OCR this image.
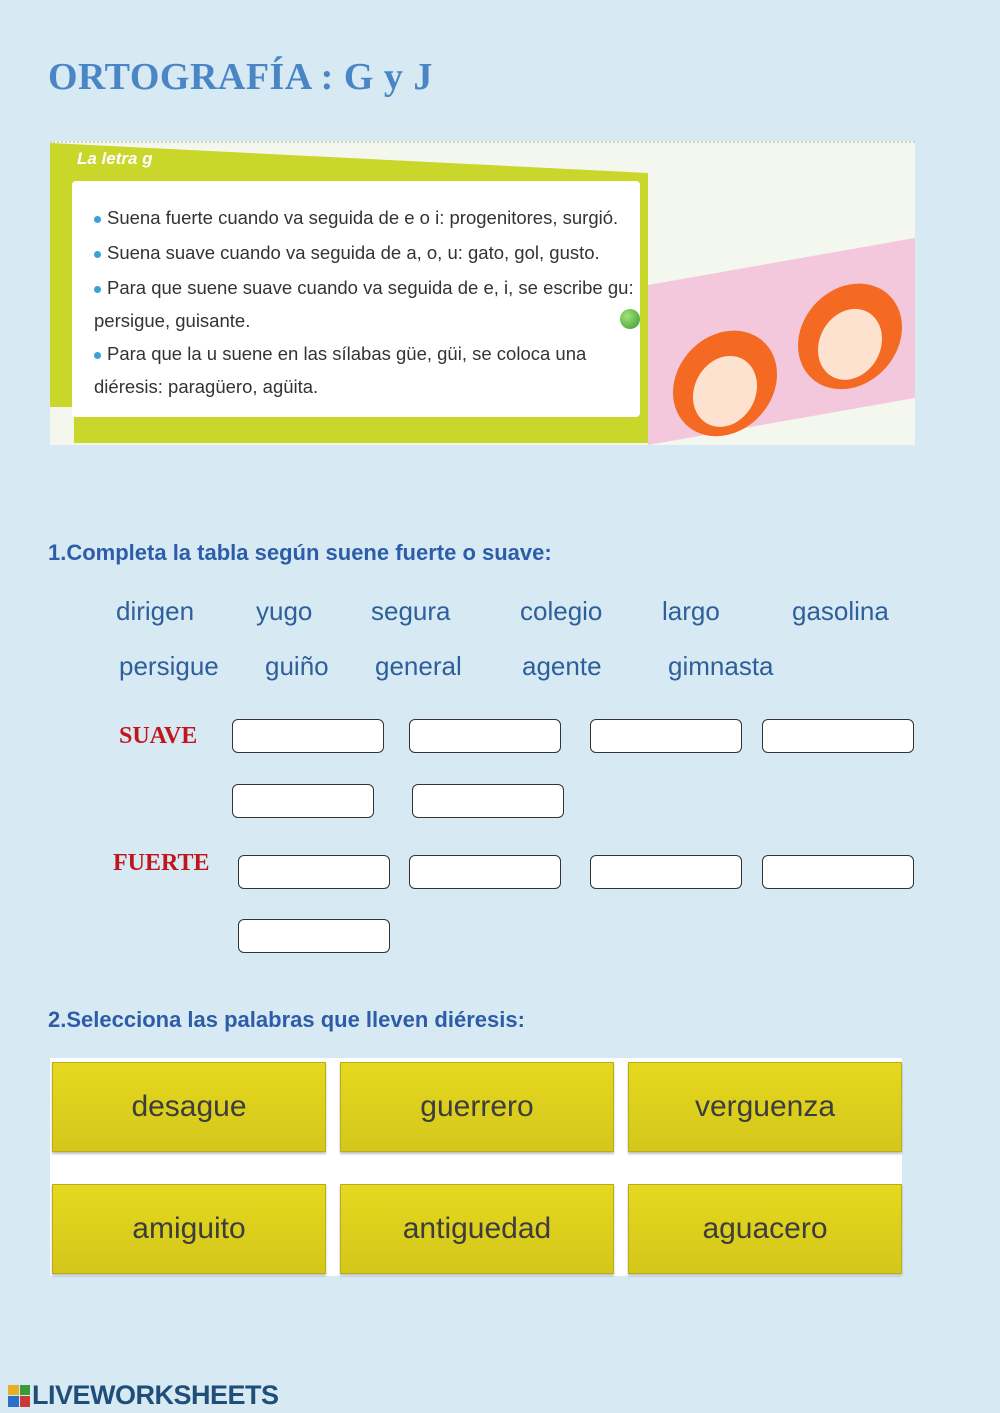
ORTOGRAFÍA : G y J
La letra g
Suena fuerte cuando va seguida de e o i: progenitores, surgió.
Suena suave cuando va seguida de a, o, u: gato, gol, gusto.
Para que suene suave cuando va seguida de e, i, se escribe gu: persigue, guisante.
Para que la u suene en las sílabas güe, güi, se coloca una diéresis: paragüero, agüita.

1.Completa la tabla según suene fuerte o suave:

dirigen yugo segura	colegio largo	gasolina
persigue guiño general agente	gimnasta
SUAVE
FUERTE

2.Selecciona las palabras que lleven diéresis:

desague	guerrero	verguenza
amiguito	antiguedad	aguacero
LIVEWORKSHEETS
